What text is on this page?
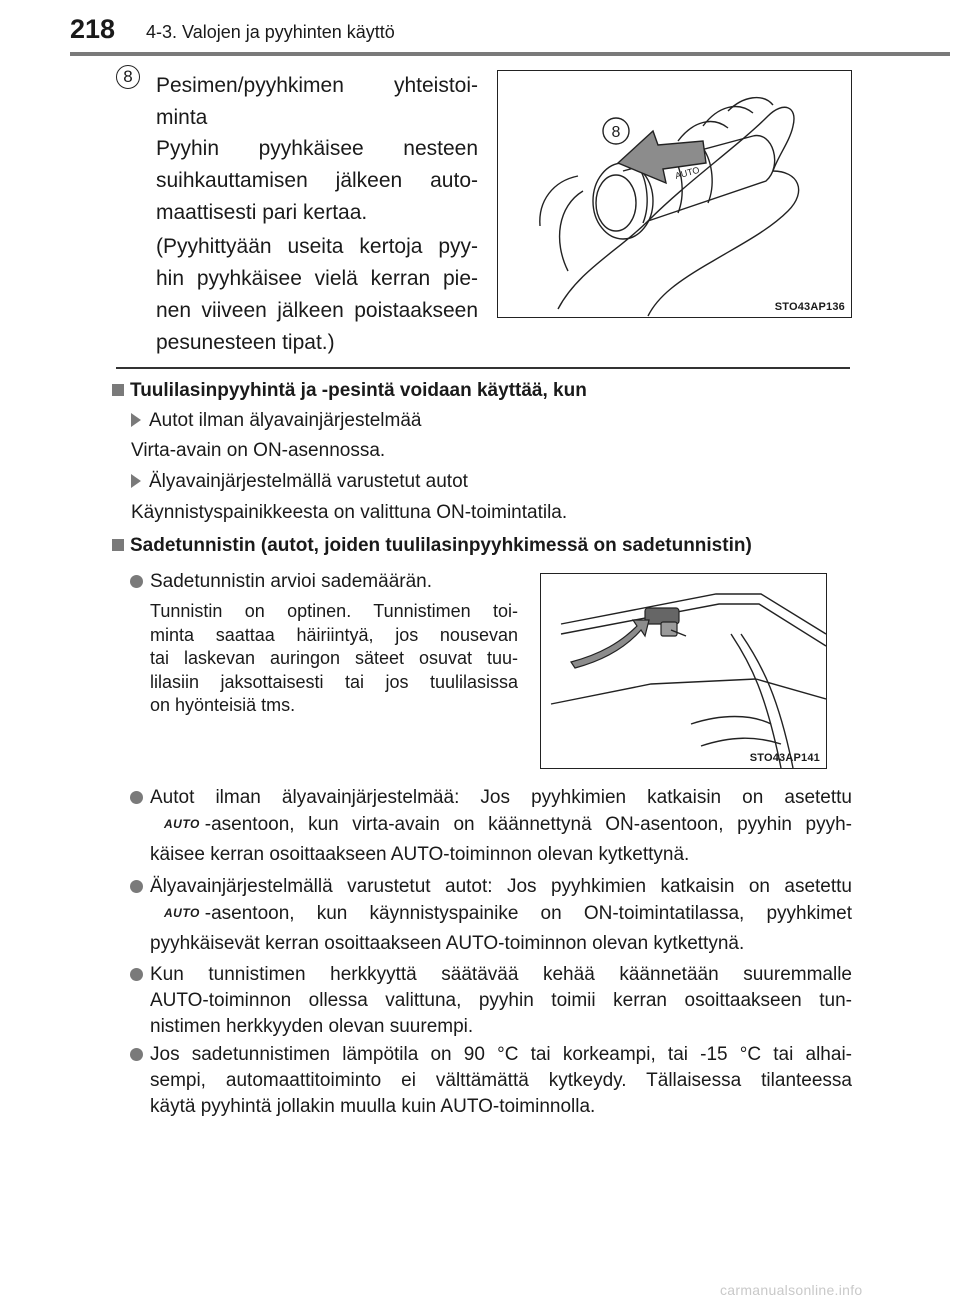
218 4-3. Valojen ja pyyhinten käyttö
8	Pesimen/pyyhkimen yhteistoi-
minta
Pyyhin pyyhkäisee nesteen
suihkauttamisen jälkeen auto-
maattisesti pari kertaa.
(Pyyhittyään useita kertoja pyy-
hin pyyhkäisee vielä kerran pie-
nen viiveen jälkeen poistaakseen
pesunesteen tipat.)
8
AUTO
STO43AP136
Tuulilasinpyyhintä ja -pesintä voidaan käyttää, kun
Autot ilman älyavainjärjestelmää
Virta-avain on ON-asennossa.
Älyavainjärjestelmällä varustetut autot
Käynnistyspainikkeesta on valittuna ON-toimintatila.
Sadetunnistin (autot, joiden tuulilasinpyyhkimessä on sadetunnistin)
Sadetunnistin arvioi sademäärän.
Tunnistin on optinen. Tunnistimen toi-
minta saattaa häiriintyä, jos nousevan
tai laskevan auringon säteet osuvat tuu-
lilasiin jaksottaisesti tai jos tuulilasissa
on hyönteisiä tms.
STO43AP141
Autot ilman älyavainjärjestelmää: Jos pyyhkimien katkaisin on asetettu
AUTO -asentoon, kun virta-avain on käännettynä ON-asentoon, pyyhin pyyh-
käisee kerran osoittaakseen AUTO-toiminnon olevan kytkettynä.
Älyavainjärjestelmällä varustetut autot: Jos pyyhkimien katkaisin on asetettu
AUTO -asentoon, kun käynnistyspainike on ON-toimintatilassa, pyyhkimet
pyyhkäisevät kerran osoittaakseen AUTO-toiminnon olevan kytkettynä.
Kun tunnistimen herkkyyttä säätävää kehää käännetään suuremmalle
AUTO-toiminnon ollessa valittuna, pyyhin toimii kerran osoittaakseen tun-
nistimen herkkyyden olevan suurempi.
Jos sadetunnistimen lämpötila on 90 °C tai korkeampi, tai -15 °C tai alhai-
sempi, automaattitoiminto ei välttämättä kytkeydy. Tällaisessa tilanteessa
käytä pyyhintä jollakin muulla kuin AUTO-toiminnolla.
carmanualsonline.info
